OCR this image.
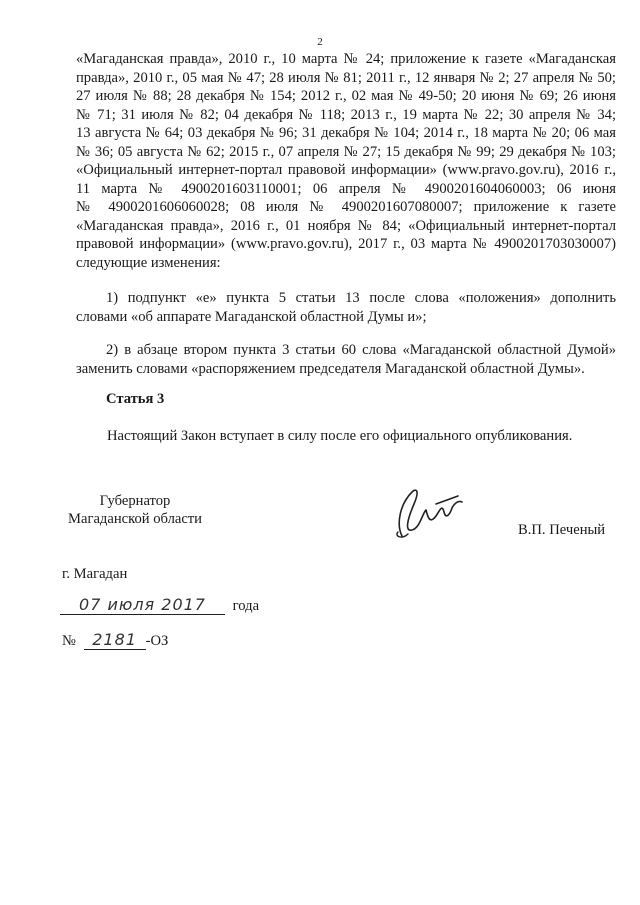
2
«Магаданская правда», 2010 г., 10 марта № 24; приложение к газете «Магаданская
правда», 2010 г., 05 мая № 47; 28 июля № 81; 2011 г., 12 января № 2; 27 апреля № 50;
27 июля № 88; 28 декабря № 154; 2012 г., 02 мая № 49-50; 20 июня № 69; 26 июня
№ 71; 31 июля № 82; 04 декабря № 118; 2013 г., 19 марта № 22; 30 апреля № 34;
13 августа № 64; 03 декабря № 96; 31 декабря № 104; 2014 г., 18 марта № 20; 06 мая
№ 36; 05 августа № 62; 2015 г., 07 апреля № 27; 15 декабря № 99; 29 декабря № 103;
«Официальный интернет-портал правовой информации» (www.pravo.gov.ru), 2016 г.,
11 марта № 4900201603110001; 06 апреля № 4900201604060003; 06 июня
№ 4900201606060028; 08 июля № 4900201607080007; приложение к газете
«Магаданская правда», 2016 г., 01 ноября № 84; «Официальный интернет-портал
правовой информации» (www.pravo.gov.ru), 2017 г., 03 марта № 4900201703030007)
следующие изменения:
1) подпункт «е» пункта 5 статьи 13 после слова «положения» дополнить
словами «об аппарате Магаданской областной Думы и»;
2) в абзаце втором пункта 3 статьи 60 слова «Магаданской областной Думой»
заменить словами «распоряжением председателя Магаданской областной Думы».
Статья 3
Настоящий Закон вступает в силу после его официального опубликования.
Губернатор
Магаданской области
В.П. Печеный
г. Магадан
07 июля 2017 года
№ 2181 -ОЗ
